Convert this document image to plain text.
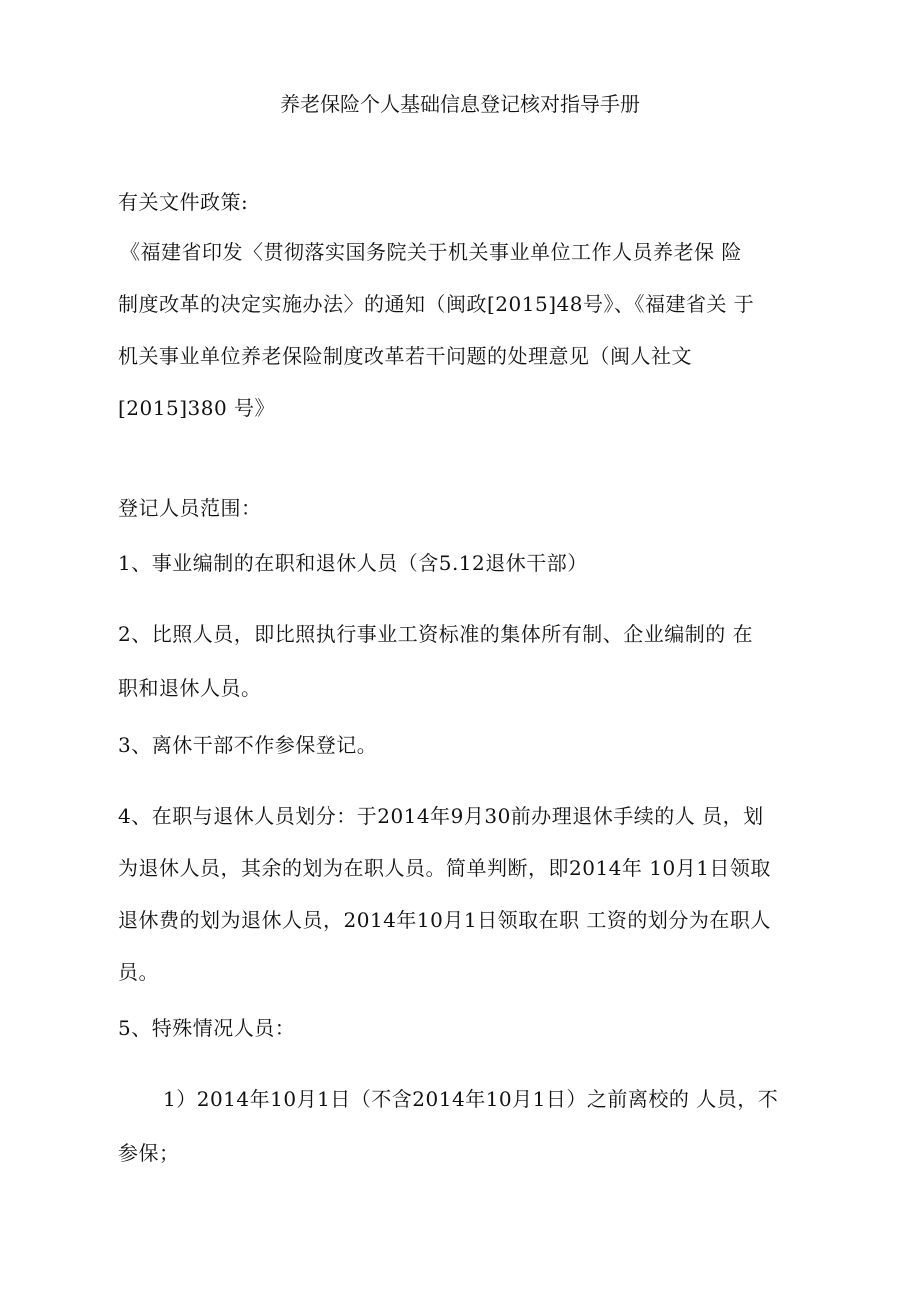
养老保险个人基础信息登记核对指导手册
有关文件政策:
《福建省印发〈贯彻落实国务院关于机关事业单位工作人员养老保 险
制度改革的决定实施办法〉的通知（闽政[2015]48号》、《福建省关 于
机关事业单位养老保险制度改革若干问题的处理意见（闽人社文
[2015]380 号》
登记人员范围：
1、事业编制的在职和退休人员（含5.12退休干部）
2、比照人员，即比照执行事业工资标准的集体所有制、企业编制的 在
职和退休人员。
3、离休干部不作参保登记。
4、在职与退休人员划分：于2014年9月30前办理退休手续的人 员，划
为退休人员，其余的划为在职人员。简单判断，即2014年 10月1日领取
退休费的划为退休人员，2014年10月1日领取在职 工资的划分为在职人
员。
5、特殊情况人员：
1）2014年10月1日（不含2014年10月1日）之前离校的 人员，不
参保；
